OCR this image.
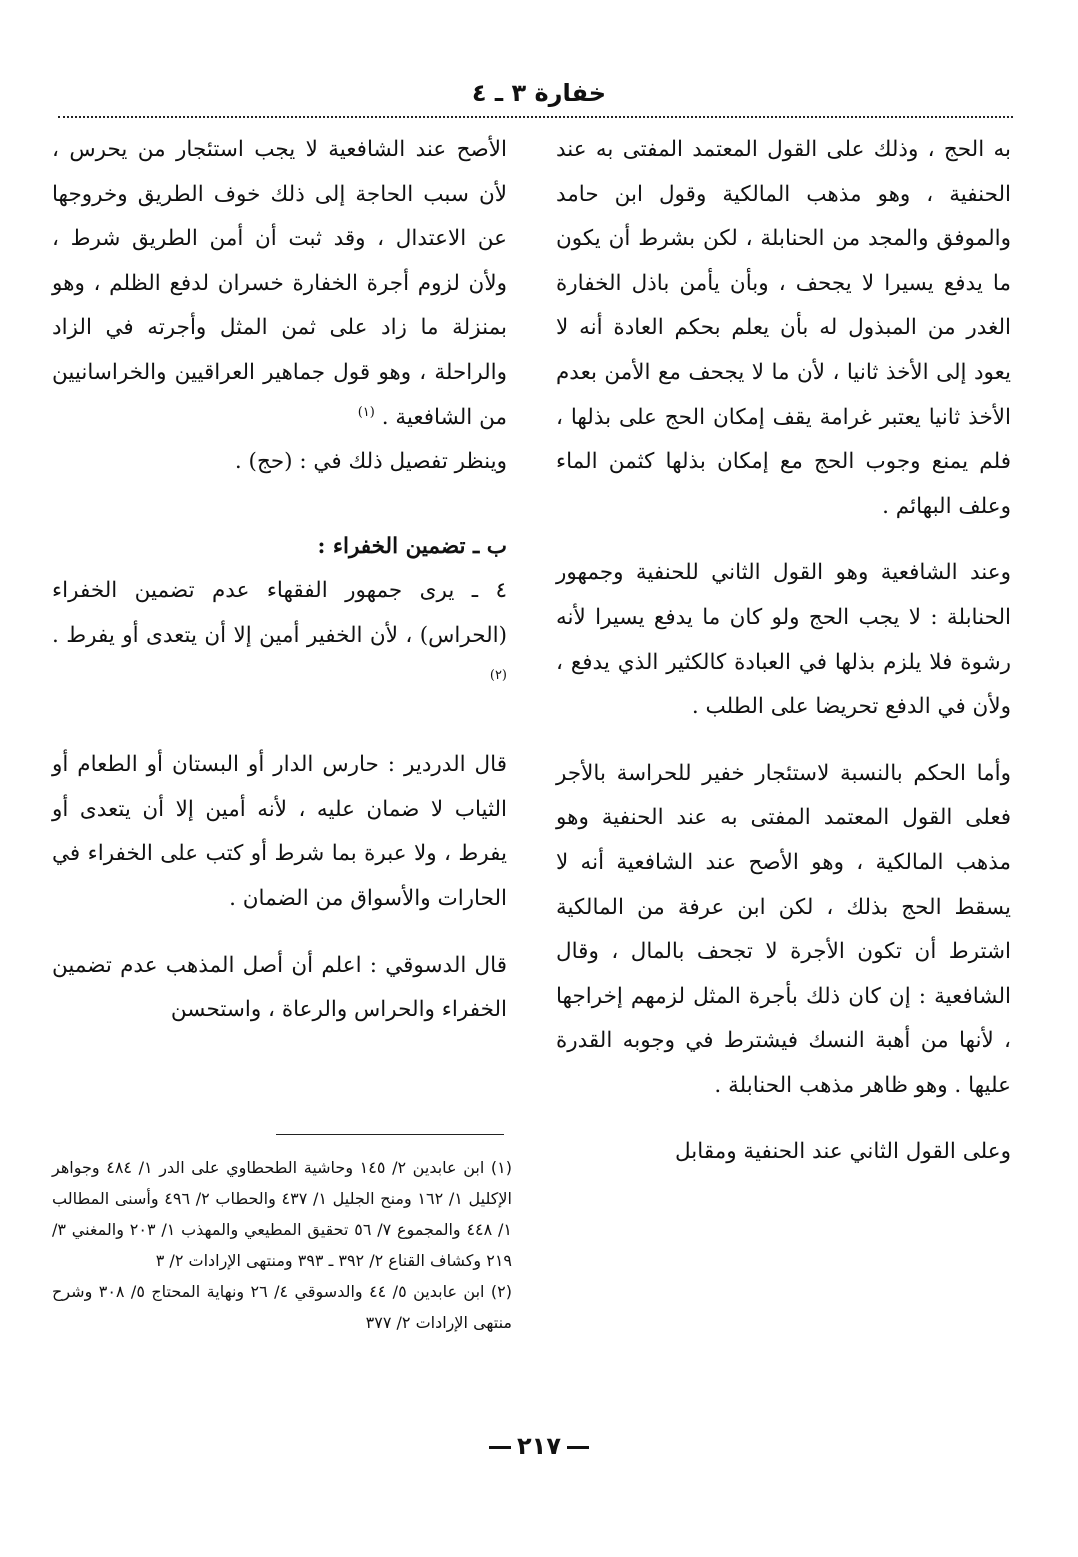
خفارة ٣ ـ ٤

به الحج ، وذلك على القول المعتمد المفتى به عند الحنفية ، وهو مذهب المالكية وقول ابن حامد والموفق والمجد من الحنابلة ، لكن بشرط أن يكون ما يدفع يسيرا لا يجحف ، وبأن يأمن باذل الخفارة الغدر من المبذول له بأن يعلم بحكم العادة أنه لا يعود إلى الأخذ ثانيا ، لأن ما لا يجحف مع الأمن بعدم الأخذ ثانيا يعتبر غرامة يقف إمكان الحج على بذلها ، فلم يمنع وجوب الحج مع إمكان بذلها كثمن الماء وعلف البهائم .

وعند الشافعية وهو القول الثاني للحنفية وجمهور الحنابلة : لا يجب الحج ولو كان ما يدفع يسيرا لأنه رشوة فلا يلزم بذلها في العبادة كالكثير الذي يدفع ، ولأن في الدفع تحريضا على الطلب .

وأما الحكم بالنسبة لاستئجار خفير للحراسة بالأجر فعلى القول المعتمد المفتى به عند الحنفية وهو مذهب المالكية ، وهو الأصح عند الشافعية أنه لا يسقط الحج بذلك ، لكن ابن عرفة من المالكية اشترط أن تكون الأجرة لا تجحف بالمال ، وقال الشافعية : إن كان ذلك بأجرة المثل لزمهم إخراجها ، لأنها من أهبة النسك فيشترط في وجوبه القدرة عليها . وهو ظاهر مذهب الحنابلة .

وعلى القول الثاني عند الحنفية ومقابل

الأصح عند الشافعية لا يجب استئجار من يحرس ، لأن سبب الحاجة إلى ذلك خوف الطريق وخروجها عن الاعتدال ، وقد ثبت أن أمن الطريق شرط ، ولأن لزوم أجرة الخفارة خسران لدفع الظلم ، وهو بمنزلة ما زاد على ثمن المثل وأجرته في الزاد والراحلة ، وهو قول جماهير العراقيين والخراسانيين من الشافعية . $^{(١)}$

وينظر تفصيل ذلك في : (حج) .

ب ـ تضمين الخفراء :

٤ ـ يرى جمهور الفقهاء عدم تضمين الخفراء (الحراس) ، لأن الخفير أمين إلا أن يتعدى أو يفرط . $^{(٢)}$

قال الدردير : حارس الدار أو البستان أو الطعام أو الثياب لا ضمان عليه ، لأنه أمين إلا أن يتعدى أو يفرط ، ولا عبرة بما شرط أو كتب على الخفراء في الحارات والأسواق من الضمان .

قال الدسوقي : اعلم أن أصل المذهب عدم تضمين الخفراء والحراس والرعاة ، واستحسن

(١) ابن عابدين ٢/ ١٤٥ وحاشية الطحطاوي على الدر ١/ ٤٨٤ وجواهر الإكليل ١/ ١٦٢ ومنح الجليل ١/ ٤٣٧ والحطاب ٢/ ٤٩٦ وأسنى المطالب ١/ ٤٤٨ والمجموع ٧/ ٥٦ تحقيق المطيعي والمهذب ١/ ٢٠٣ والمغني ٣/ ٢١٩ وكشاف القناع ٢/ ٣٩٢ ـ ٣٩٣ ومنتهى الإرادات ٢/ ٣

(٢) ابن عابدين ٥/ ٤٤ والدسوقي ٤/ ٢٦ ونهاية المحتاج ٥/ ٣٠٨ وشرح منتهى الإرادات ٢/ ٣٧٧

٢١٧
